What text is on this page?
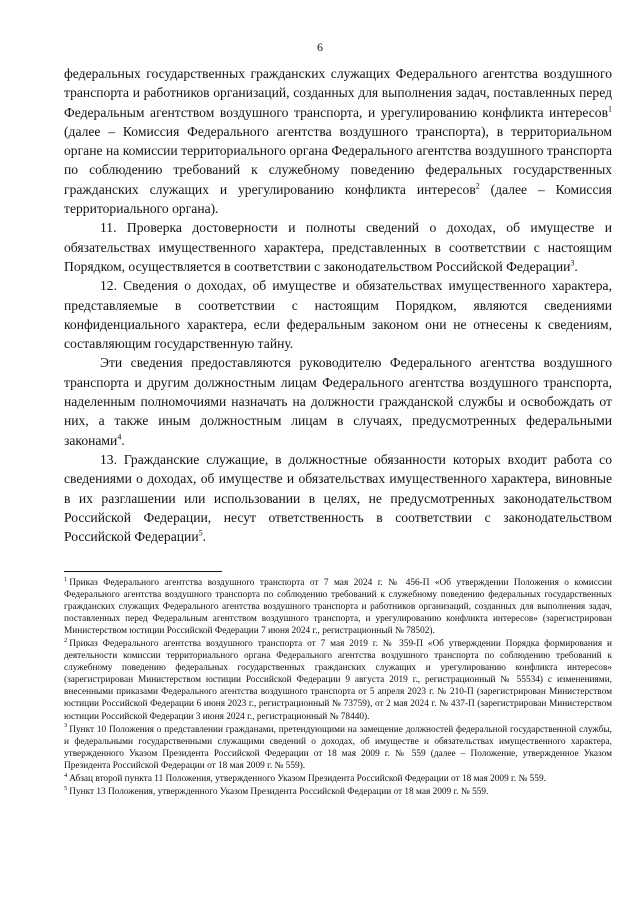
6

федеральных государственных гражданских служащих Федерального агентства воздушного транспорта и работников организаций, созданных для выполнения задач, поставленных перед Федеральным агентством воздушного транспорта, и урегулированию конфликта интересов$^1$ (далее – Комиссия Федерального агентства воздушного транспорта), в территориальном органе на комиссии территориального органа Федерального агентства воздушного транспорта по соблюдению требований к служебному поведению федеральных государственных гражданских служащих и урегулированию конфликта интересов$^2$ (далее – Комиссия территориального органа).

11. Проверка достоверности и полноты сведений о доходах, об имуществе и обязательствах имущественного характера, представленных в соответствии с настоящим Порядком, осуществляется в соответствии с законодательством Российской Федерации$^3$.

12. Сведения о доходах, об имуществе и обязательствах имущественного характера, представляемые в соответствии с настоящим Порядком, являются сведениями конфиденциального характера, если федеральным законом они не отнесены к сведениям, составляющим государственную тайну.

Эти сведения предоставляются руководителю Федерального агентства воздушного транспорта и другим должностным лицам Федерального агентства воздушного транспорта, наделенным полномочиями назначать на должности гражданской службы и освобождать от них, а также иным должностным лицам в случаях, предусмотренных федеральными законами$^4$.

13. Гражданские служащие, в должностные обязанности которых входит работа со сведениями о доходах, об имуществе и обязательствах имущественного характера, виновные в их разглашении или использовании в целях, не предусмотренных законодательством Российской Федерации, несут ответственность в соответствии с законодательством Российской Федерации$^5$.

$^1$ Приказ Федерального агентства воздушного транспорта от 7 мая 2024 г. № 456-П «Об утверждении Положения о комиссии Федерального агентства воздушного транспорта по соблюдению требований к служебному поведению федеральных государственных гражданских служащих Федерального агентства воздушного транспорта и работников организаций, созданных для выполнения задач, поставленных перед Федеральным агентством воздушного транспорта, и урегулированию конфликта интересов» (зарегистрирован Министерством юстиции Российской Федерации 7 июня 2024 г., регистрационный № 78502).

$^2$ Приказ Федерального агентства воздушного транспорта от 7 мая 2019 г. № 359-П «Об утверждении Порядка формирования и деятельности комиссии территориального органа Федерального агентства воздушного транспорта по соблюдению требований к служебному поведению федеральных государственных гражданских служащих и урегулированию конфликта интересов» (зарегистрирован Министерством юстиции Российской Федерации 9 августа 2019 г., регистрационный № 55534) с изменениями, внесенными приказами Федерального агентства воздушного транспорта от 5 апреля 2023 г. № 210-П (зарегистрирован Министерством юстиции Российской Федерации 6 июня 2023 г., регистрационный № 73759), от 2 мая 2024 г. № 437-П (зарегистрирован Министерством юстиции Российской Федерации 3 июня 2024 г., регистрационный № 78440).

$^3$ Пункт 10 Положения о представлении гражданами, претендующими на замещение должностей федеральной государственной службы, и федеральными государственными служащими сведений о доходах, об имуществе и обязательствах имущественного характера, утвержденного Указом Президента Российской Федерации от 18 мая 2009 г. № 559 (далее – Положение, утвержденное Указом Президента Российской Федерации от 18 мая 2009 г. № 559).

$^4$ Абзац второй пункта 11 Положения, утвержденного Указом Президента Российской Федерации от 18 мая 2009 г. № 559.

$^5$ Пункт 13 Положения, утвержденного Указом Президента Российской Федерации от 18 мая 2009 г. № 559.
